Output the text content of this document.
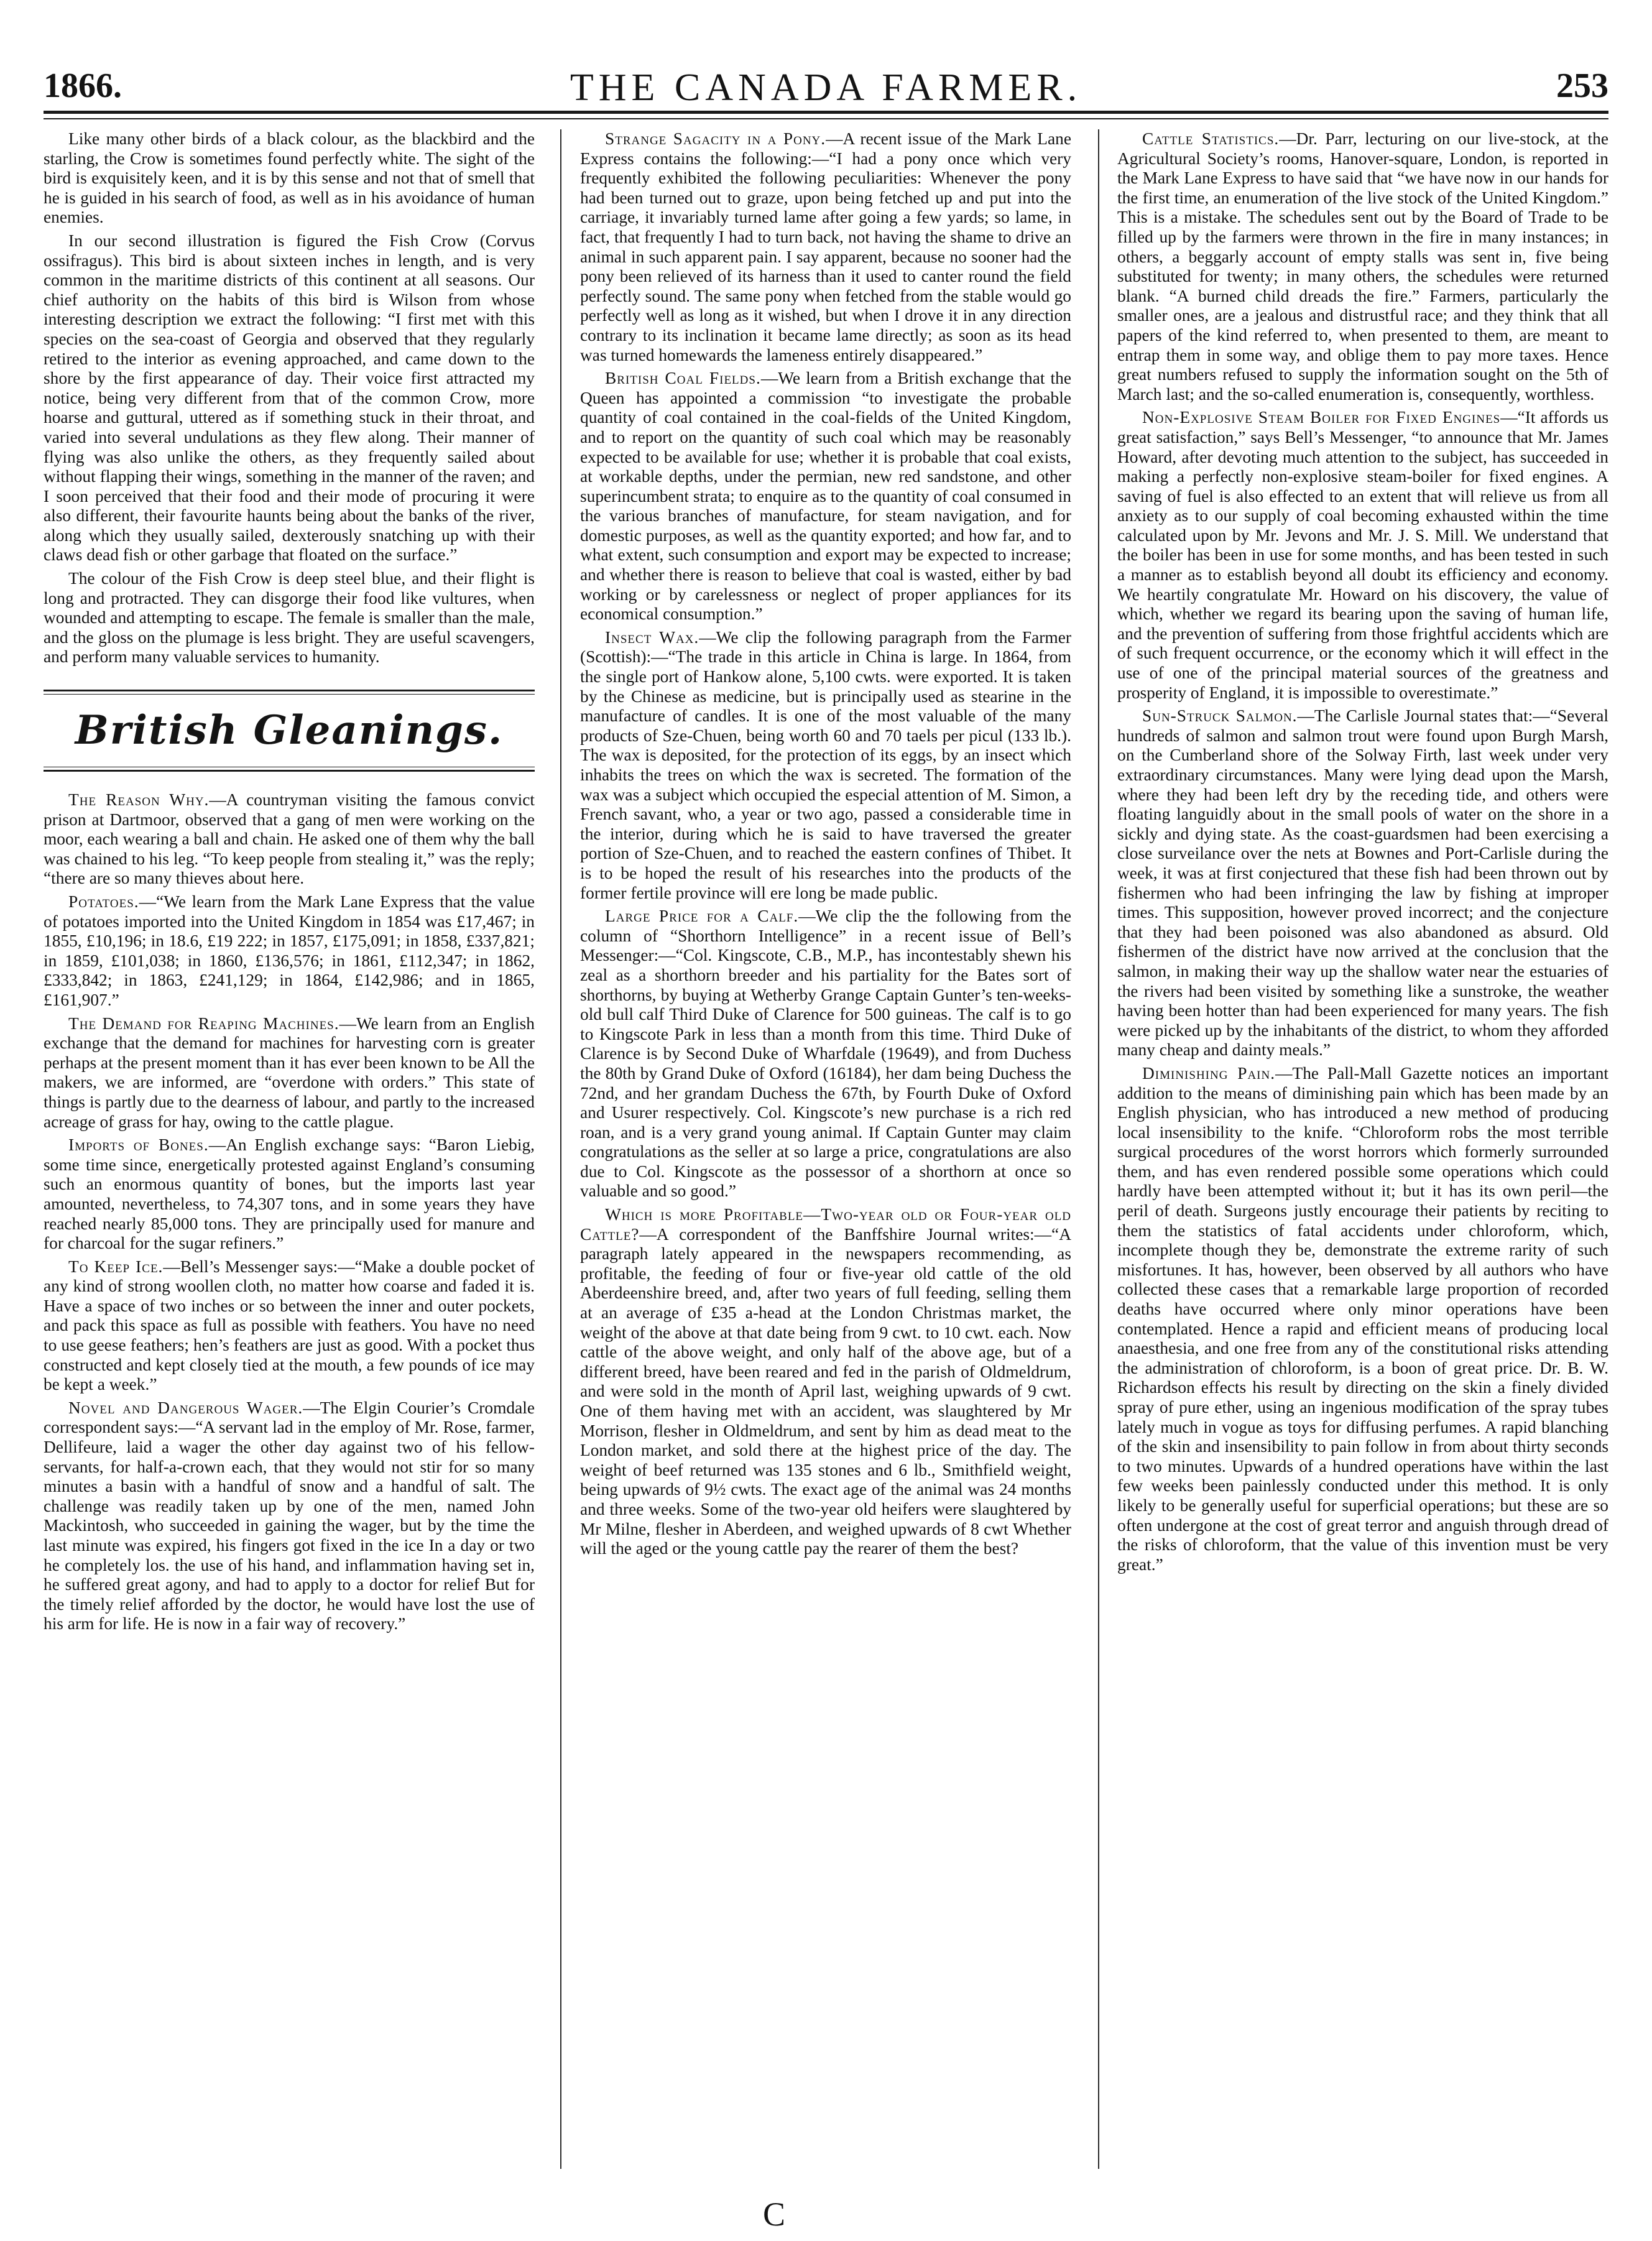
1866.	THE CANADA FARMER.	253

Like many other birds of a black colour, as the blackbird and the starling, the Crow is sometimes found perfectly white. The sight of the bird is exquisitely keen, and it is by this sense and not that of smell that he is guided in his search of food, as well as in his avoidance of human enemies.

In our second illustration is figured the Fish Crow (Corvus ossifragus). This bird is about sixteen inches in length, and is very common in the maritime districts of this continent at all seasons. Our chief authority on the habits of this bird is Wilson from whose interesting description we extract the following: “I first met with this species on the sea-coast of Georgia and observed that they regularly retired to the interior as evening approached, and came down to the shore by the first appearance of day. Their voice first attracted my notice, being very different from that of the common Crow, more hoarse and guttural, uttered as if something stuck in their throat, and varied into several undulations as they flew along. Their manner of flying was also unlike the others, as they frequently sailed about without flapping their wings, something in the manner of the raven; and I soon perceived that their food and their mode of procuring it were also different, their favourite haunts being about the banks of the river, along which they usually sailed, dexterously snatching up with their claws dead fish or other garbage that floated on the surface.”

The colour of the Fish Crow is deep steel blue, and their flight is long and protracted. They can disgorge their food like vultures, when wounded and attempting to escape. The female is smaller than the male, and the gloss on the plumage is less bright. They are useful scavengers, and perform many valuable services to humanity.

British Gleanings.

The Reason Why.—A countryman visiting the famous convict prison at Dartmoor, observed that a gang of men were working on the moor, each wearing a ball and chain. He asked one of them why the ball was chained to his leg. “To keep people from stealing it,” was the reply; “there are so many thieves about here.

Potatoes.—“We learn from the Mark Lane Express that the value of potatoes imported into the United Kingdom in 1854 was £17,467; in 1855, £10,196; in 18.6, £19 222; in 1857, £175,091; in 1858, £337,821; in 1859, £101,038; in 1860, £136,576; in 1861, £112,347; in 1862, £333,842; in 1863, £241,129; in 1864, £142,986; and in 1865, £161,907.”

The Demand for Reaping Machines.—We learn from an English exchange that the demand for machines for harvesting corn is greater perhaps at the present moment than it has ever been known to be All the makers, we are informed, are “overdone with orders.” This state of things is partly due to the dearness of labour, and partly to the increased acreage of grass for hay, owing to the cattle plague.

Imports of Bones.—An English exchange says: “Baron Liebig, some time since, energetically protested against England’s consuming such an enormous quantity of bones, but the imports last year amounted, nevertheless, to 74,307 tons, and in some years they have reached nearly 85,000 tons. They are principally used for manure and for charcoal for the sugar refiners.”

To Keep Ice.—Bell’s Messenger says:—“Make a double pocket of any kind of strong woollen cloth, no matter how coarse and faded it is. Have a space of two inches or so between the inner and outer pockets, and pack this space as full as possible with feathers. You have no need to use geese feathers; hen’s feathers are just as good. With a pocket thus constructed and kept closely tied at the mouth, a few pounds of ice may be kept a week.”

Novel and Dangerous Wager.—The Elgin Courier’s Cromdale correspondent says:—“A servant lad in the employ of Mr. Rose, farmer, Dellifeure, laid a wager the other day against two of his fellow-servants, for half-a-crown each, that they would not stir for so many minutes a basin with a handful of snow and a handful of salt. The challenge was readily taken up by one of the men, named John Mackintosh, who succeeded in gaining the wager, but by the time the last minute was expired, his fingers got fixed in the ice In a day or two he completely los. the use of his hand, and inflammation having set in, he suffered great agony, and had to apply to a doctor for relief But for the timely relief afforded by the doctor, he would have lost the use of his arm for life. He is now in a fair way of recovery.”

Strange Sagacity in a Pony.—A recent issue of the Mark Lane Express contains the following:—“I had a pony once which very frequently exhibited the following peculiarities: Whenever the pony had been turned out to graze, upon being fetched up and put into the carriage, it invariably turned lame after going a few yards; so lame, in fact, that frequently I had to turn back, not having the shame to drive an animal in such apparent pain. I say apparent, because no sooner had the pony been relieved of its harness than it used to canter round the field perfectly sound. The same pony when fetched from the stable would go perfectly well as long as it wished, but when I drove it in any direction contrary to its inclination it became lame directly; as soon as its head was turned homewards the lameness entirely disappeared.”

British Coal Fields.—We learn from a British exchange that the Queen has appointed a commission “to investigate the probable quantity of coal contained in the coal-fields of the United Kingdom, and to report on the quantity of such coal which may be reasonably expected to be available for use; whether it is probable that coal exists, at workable depths, under the permian, new red sandstone, and other superincumbent strata; to enquire as to the quantity of coal consumed in the various branches of manufacture, for steam navigation, and for domestic purposes, as well as the quantity exported; and how far, and to what extent, such consumption and export may be expected to increase; and whether there is reason to believe that coal is wasted, either by bad working or by carelessness or neglect of proper appliances for its economical consumption.”

Insect Wax.—We clip the following paragraph from the Farmer (Scottish):—“The trade in this article in China is large. In 1864, from the single port of Hankow alone, 5,100 cwts. were exported. It is taken by the Chinese as medicine, but is principally used as stearine in the manufacture of candles. It is one of the most valuable of the many products of Sze-Chuen, being worth 60 and 70 taels per picul (133 lb.). The wax is deposited, for the protection of its eggs, by an insect which inhabits the trees on which the wax is secreted. The formation of the wax was a subject which occupied the especial attention of M. Simon, a French savant, who, a year or two ago, passed a considerable time in the interior, during which he is said to have traversed the greater portion of Sze-Chuen, and to reached the eastern confines of Thibet. It is to be hoped the result of his researches into the products of the former fertile province will ere long be made public.

Large Price for a Calf.—We clip the the following from the column of “Shorthorn Intelligence” in a recent issue of Bell’s Messenger:—“Col. Kingscote, C.B., M.P., has incontestably shewn his zeal as a shorthorn breeder and his partiality for the Bates sort of shorthorns, by buying at Wetherby Grange Captain Gunter’s ten-weeks-old bull calf Third Duke of Clarence for 500 guineas. The calf is to go to Kingscote Park in less than a month from this time. Third Duke of Clarence is by Second Duke of Wharfdale (19649), and from Duchess the 80th by Grand Duke of Oxford (16184), her dam being Duchess the 72nd, and her grandam Duchess the 67th, by Fourth Duke of Oxford and Usurer respectively. Col. Kingscote’s new purchase is a rich red roan, and is a very grand young animal. If Captain Gunter may claim congratulations as the seller at so large a price, congratulations are also due to Col. Kingscote as the possessor of a shorthorn at once so valuable and so good.”

Which is more Profitable—Two-year old or Four-year old Cattle?—A correspondent of the Banffshire Journal writes:—“A paragraph lately appeared in the newspapers recommending, as profitable, the feeding of four or five-year old cattle of the old Aberdeenshire breed, and, after two years of full feeding, selling them at an average of £35 a-head at the London Christmas market, the weight of the above at that date being from 9 cwt. to 10 cwt. each. Now cattle of the above weight, and only half of the above age, but of a different breed, have been reared and fed in the parish of Oldmeldrum, and were sold in the month of April last, weighing upwards of 9 cwt. One of them having met with an accident, was slaughtered by Mr Morrison, flesher in Oldmeldrum, and sent by him as dead meat to the London market, and sold there at the highest price of the day. The weight of beef returned was 135 stones and 6 lb., Smithfield weight, being upwards of 9½ cwts. The exact age of the animal was 24 months and three weeks. Some of the two-year old heifers were slaughtered by Mr Milne, flesher in Aberdeen, and weighed upwards of 8 cwt Whether will the aged or the young cattle pay the rearer of them the best?

Cattle Statistics.—Dr. Parr, lecturing on our live-stock, at the Agricultural Society’s rooms, Hanover-square, London, is reported in the Mark Lane Express to have said that “we have now in our hands for the first time, an enumeration of the live stock of the United Kingdom.” This is a mistake. The schedules sent out by the Board of Trade to be filled up by the farmers were thrown in the fire in many instances; in others, a beggarly account of empty stalls was sent in, five being substituted for twenty; in many others, the schedules were returned blank. “A burned child dreads the fire.” Farmers, particularly the smaller ones, are a jealous and distrustful race; and they think that all papers of the kind referred to, when presented to them, are meant to entrap them in some way, and oblige them to pay more taxes. Hence great numbers refused to supply the information sought on the 5th of March last; and the so-called enumeration is, consequently, worthless.

Non-Explosive Steam Boiler for Fixed Engines—“It affords us great satisfaction,” says Bell’s Messenger, “to announce that Mr. James Howard, after devoting much attention to the subject, has succeeded in making a perfectly non-explosive steam-boiler for fixed engines. A saving of fuel is also effected to an extent that will relieve us from all anxiety as to our supply of coal becoming exhausted within the time calculated upon by Mr. Jevons and Mr. J. S. Mill. We understand that the boiler has been in use for some months, and has been tested in such a manner as to establish beyond all doubt its efficiency and economy. We heartily congratulate Mr. Howard on his discovery, the value of which, whether we regard its bearing upon the saving of human life, and the prevention of suffering from those frightful accidents which are of such frequent occurrence, or the economy which it will effect in the use of one of the principal material sources of the greatness and prosperity of England, it is impossible to overestimate.”

Sun-Struck Salmon.—The Carlisle Journal states that:—“Several hundreds of salmon and salmon trout were found upon Burgh Marsh, on the Cumberland shore of the Solway Firth, last week under very extraordinary circumstances. Many were lying dead upon the Marsh, where they had been left dry by the receding tide, and others were floating languidly about in the small pools of water on the shore in a sickly and dying state. As the coast-guardsmen had been exercising a close surveilance over the nets at Bownes and Port-Carlisle during the week, it was at first conjectured that these fish had been thrown out by fishermen who had been infringing the law by fishing at improper times. This supposition, however proved incorrect; and the conjecture that they had been poisoned was also abandoned as absurd. Old fishermen of the district have now arrived at the conclusion that the salmon, in making their way up the shallow water near the estuaries of the rivers had been visited by something like a sunstroke, the weather having been hotter than had been experienced for many years. The fish were picked up by the inhabitants of the district, to whom they afforded many cheap and dainty meals.”

Diminishing Pain.—The Pall-Mall Gazette notices an important addition to the means of diminishing pain which has been made by an English physician, who has introduced a new method of producing local insensibility to the knife. “Chloroform robs the most terrible surgical procedures of the worst horrors which formerly surrounded them, and has even rendered possible some operations which could hardly have been attempted without it; but it has its own peril—the peril of death. Surgeons justly encourage their patients by reciting to them the statistics of fatal accidents under chloroform, which, incomplete though they be, demonstrate the extreme rarity of such misfortunes. It has, however, been observed by all authors who have collected these cases that a remarkable large proportion of recorded deaths have occurred where only minor operations have been contemplated. Hence a rapid and efficient means of producing local anaesthesia, and one free from any of the constitutional risks attending the administration of chloroform, is a boon of great price. Dr. B. W. Richardson effects his result by directing on the skin a finely divided spray of pure ether, using an ingenious modification of the spray tubes lately much in vogue as toys for diffusing perfumes. A rapid blanching of the skin and insensibility to pain follow in from about thirty seconds to two minutes. Upwards of a hundred operations have within the last few weeks been painlessly conducted under this method. It is only likely to be generally useful for superficial operations; but these are so often undergone at the cost of great terror and anguish through dread of the risks of chloroform, that the value of this invention must be very great.”

C
